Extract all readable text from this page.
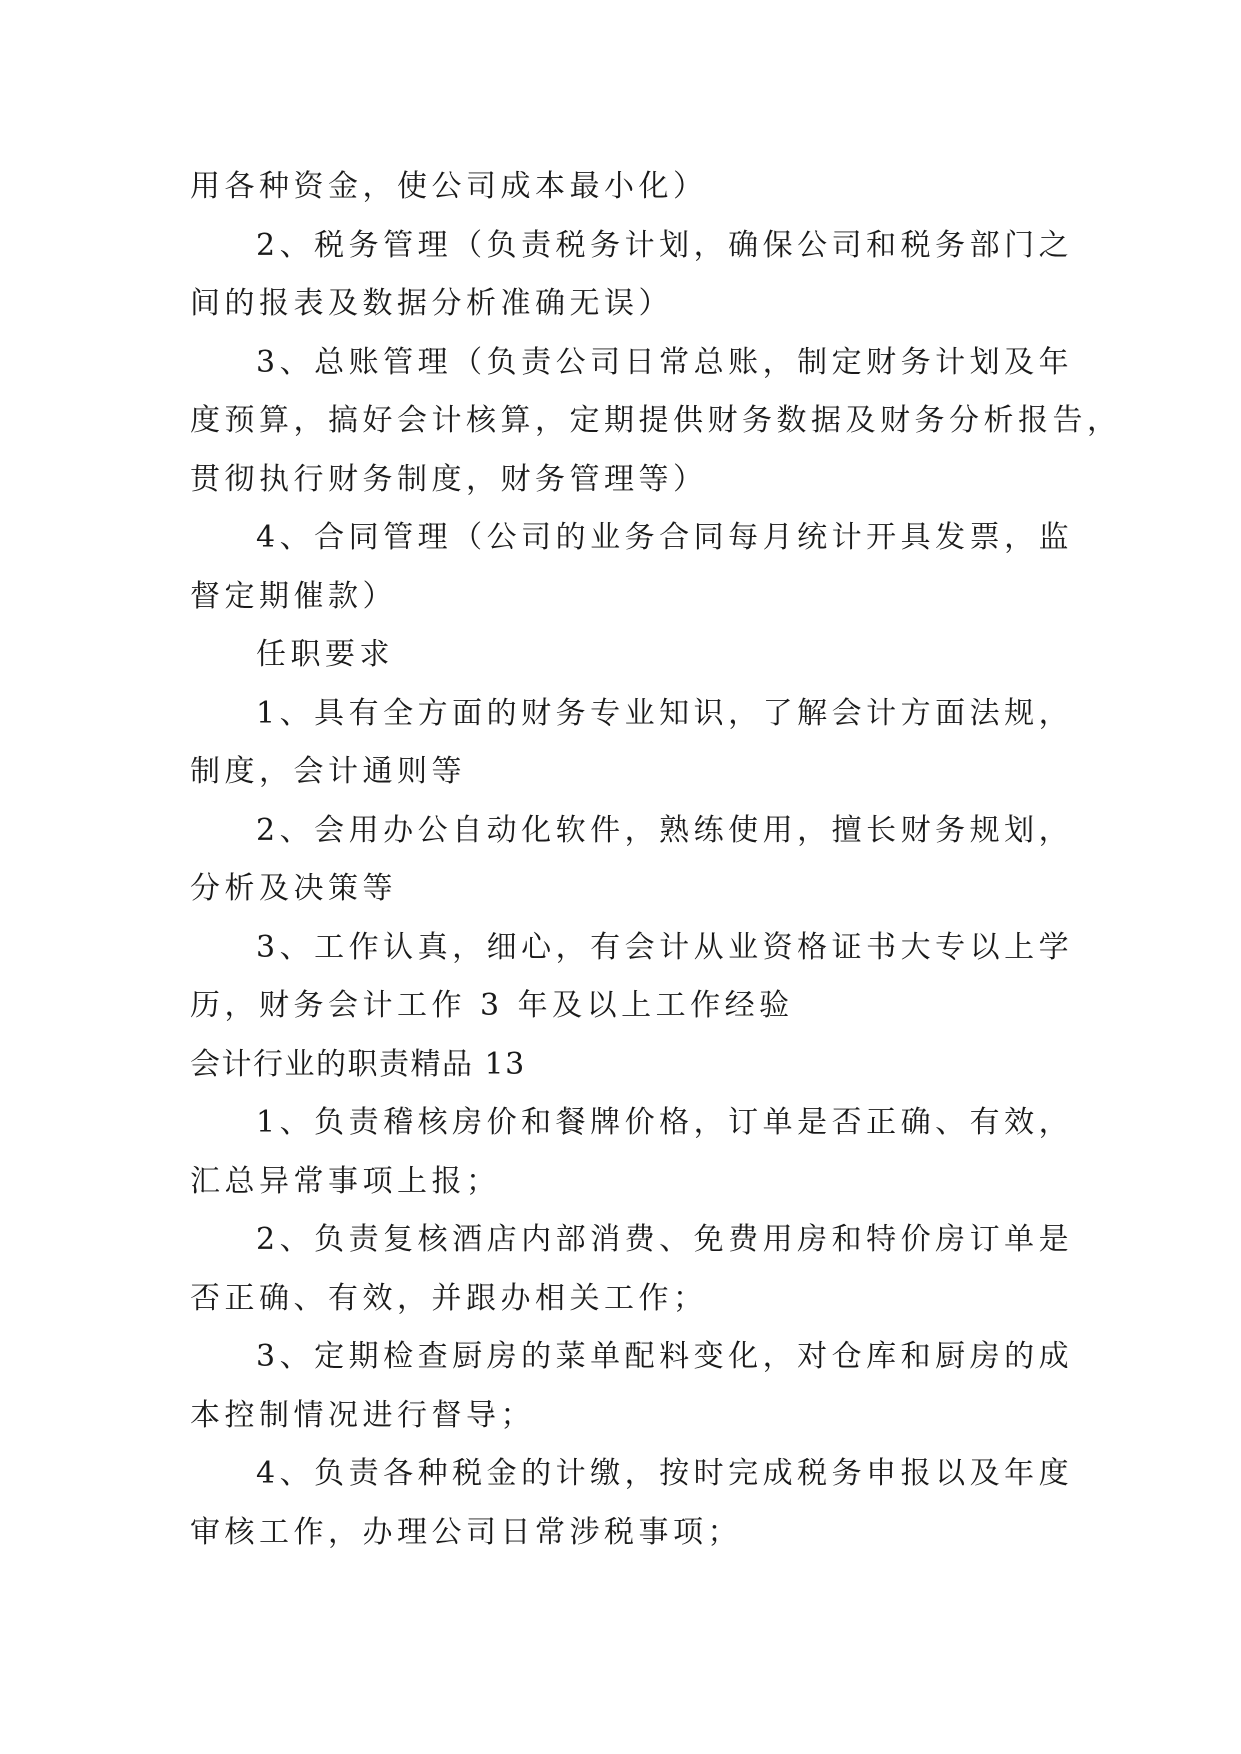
用各种资金，使公司成本最小化）
2、税务管理（负责税务计划，确保公司和税务部门之
间的报表及数据分析准确无误）
3、总账管理（负责公司日常总账，制定财务计划及年
度预算，搞好会计核算，定期提供财务数据及财务分析报告，
贯彻执行财务制度，财务管理等）
4、合同管理（公司的业务合同每月统计开具发票，监
督定期催款）
任职要求
1、具有全方面的财务专业知识，了解会计方面法规，
制度，会计通则等
2、会用办公自动化软件，熟练使用，擅长财务规划，
分析及决策等
3、工作认真，细心，有会计从业资格证书大专以上学
历，财务会计工作 3 年及以上工作经验
会计行业的职责精品 13
1、负责稽核房价和餐牌价格，订单是否正确、有效，
汇总异常事项上报；
2、负责复核酒店内部消费、免费用房和特价房订单是
否正确、有效，并跟办相关工作；
3、定期检查厨房的菜单配料变化，对仓库和厨房的成
本控制情况进行督导；
4、负责各种税金的计缴，按时完成税务申报以及年度
审核工作，办理公司日常涉税事项；
